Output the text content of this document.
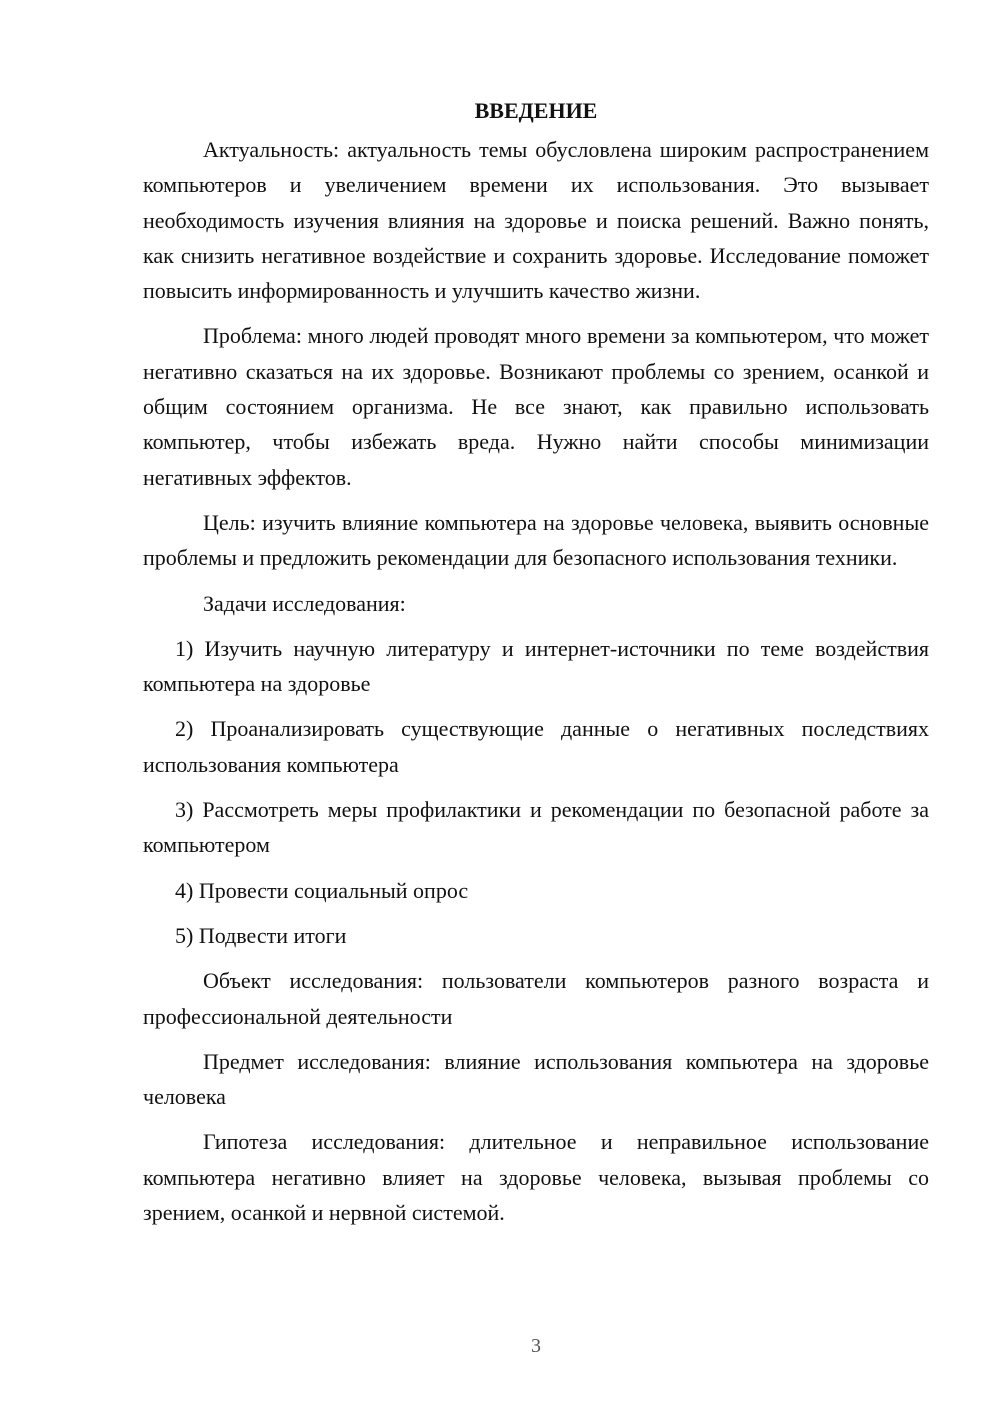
ВВЕДЕНИЕ

Актуальность: актуальность темы обусловлена широким распространением компьютеров и увеличением времени их использования. Это вызывает необходимость изучения влияния на здоровье и поиска решений. Важно понять, как снизить негативное воздействие и сохранить здоровье. Исследование поможет повысить информированность и улучшить качество жизни.

Проблема: много людей проводят много времени за компьютером, что может негативно сказаться на их здоровье. Возникают проблемы со зрением, осанкой и общим состоянием организма. Не все знают, как правильно использовать компьютер, чтобы избежать вреда. Нужно найти способы минимизации негативных эффектов.

Цель: изучить влияние компьютера на здоровье человека, выявить основные проблемы и предложить рекомендации для безопасного использования техники.

Задачи исследования:

1) Изучить научную литературу и интернет-источники по теме воздействия компьютера на здоровье

2) Проанализировать существующие данные о негативных последствиях использования компьютера

3) Рассмотреть меры профилактики и рекомендации по безопасной работе за компьютером

4) Провести социальный опрос

5) Подвести итоги

Объект исследования: пользователи компьютеров разного возраста и профессиональной деятельности

Предмет исследования: влияние использования компьютера на здоровье человека

Гипотеза исследования: длительное и неправильное использование компьютера негативно влияет на здоровье человека, вызывая проблемы со зрением, осанкой и нервной системой.

3
